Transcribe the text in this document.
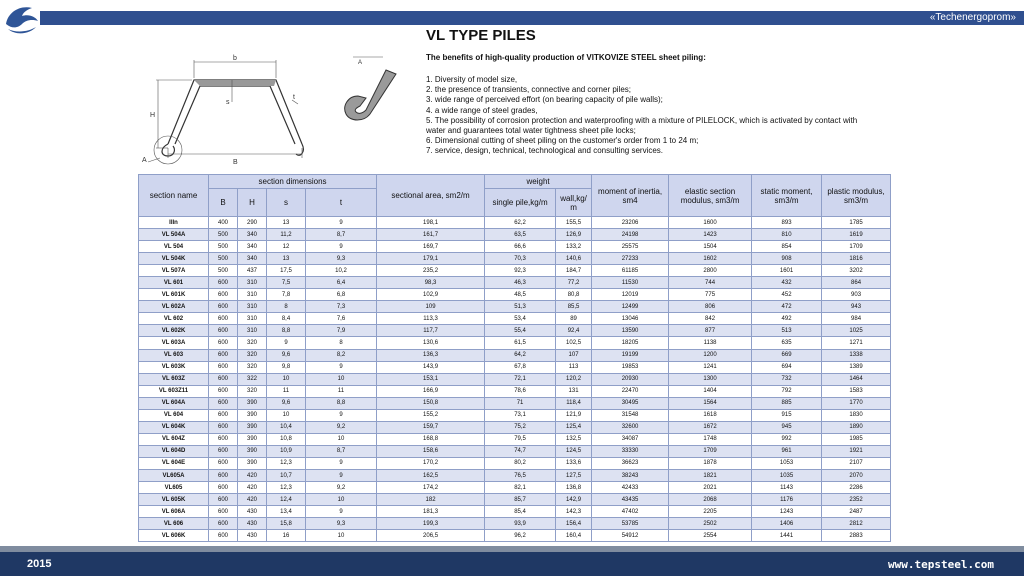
«Techenergoprom»
VL TYPE PILES
The benefits of high-quality production of VITKOVIZE STEEL sheet piling:
1. Diversity of model size,
2. the presence of transients, connective and corner piles;
3. wide range of perceived effort (on bearing capacity of pile walls);
4. a wide range of steel grades,
5. The possibility of corrosion protection and waterproofing with a mixture of PILELOCK, which is activated by contact with water and guarantees total water tightness sheet pile locks;
6. Dimensional cutting of sheet piling on the customer's order from 1 to 24 m;
7. service, design, technical, technological and consulting services.
b
H
s
t
A	B
A
section name	section dimensions				sectional area, sm2/m	weight		moment of inertia, sm4	elastic section modulus, sm3/m	static moment, sm3/m	plastic modulus, sm3/m
	B	H	s	t		single pile,kg/m	wall,kg/ m				
IIIn	400	290	13	9	198,1	62,2	155,5	23206	1600	893	1785
VL 504A	500	340	11,2	8,7	161,7	63,5	126,9	24198	1423	810	1619
VL 504	500	340	12	9	169,7	66,6	133,2	25575	1504	854	1709
VL 504K	500	340	13	9,3	179,1	70,3	140,6	27233	1602	908	1816
VL 507A	500	437	17,5	10,2	235,2	92,3	184,7	61185	2800	1601	3202
VL 601	600	310	7,5	6,4	98,3	46,3	77,2	11530	744	432	864
VL 601K	600	310	7,8	6,8	102,9	48,5	80,8	12019	775	452	903
VL 602A	600	310	8	7,3	109	51,3	85,5	12499	806	472	943
VL 602	600	310	8,4	7,6	113,3	53,4	89	13046	842	492	984
VL 602K	600	310	8,8	7,9	117,7	55,4	92,4	13590	877	513	1025
VL 603A	600	320	9	8	130,6	61,5	102,5	18205	1138	635	1271
VL 603	600	320	9,6	8,2	136,3	64,2	107	19199	1200	669	1338
VL 603K	600	320	9,8	9	143,9	67,8	113	19853	1241	694	1389
VL 603Z	600	322	10	10	153,1	72,1	120,2	20930	1300	732	1464
VL 603Z11	600	320	11	11	166,9	78,6	131	22470	1404	792	1583
VL 604A	600	390	9,6	8,8	150,8	71	118,4	30495	1564	885	1770
VL 604	600	390	10	9	155,2	73,1	121,9	31548	1618	915	1830
VL 604K	600	390	10,4	9,2	159,7	75,2	125,4	32600	1672	945	1890
VL 604Z	600	390	10,8	10	168,8	79,5	132,5	34087	1748	992	1985
VL 604D	600	390	10,9	8,7	158,6	74,7	124,5	33330	1709	961	1921
VL 604E	600	390	12,3	9	170,2	80,2	133,6	36623	1878	1053	2107
VL605A	600	420	10,7	9	162,5	76,5	127,5	38243	1821	1035	2070
VL605	600	420	12,3	9,2	174,2	82,1	136,8	42433	2021	1143	2286
VL 605K	600	420	12,4	10	182	85,7	142,9	43435	2068	1176	2352
VL 606A	600	430	13,4	9	181,3	85,4	142,3	47402	2205	1243	2487
VL 606	600	430	15,8	9,3	199,3	93,9	156,4	53785	2502	1406	2812
VL 606K	600	430	16	10	206,5	96,2	160,4	54912	2554	1441	2883
2015	www.tepsteel.com
